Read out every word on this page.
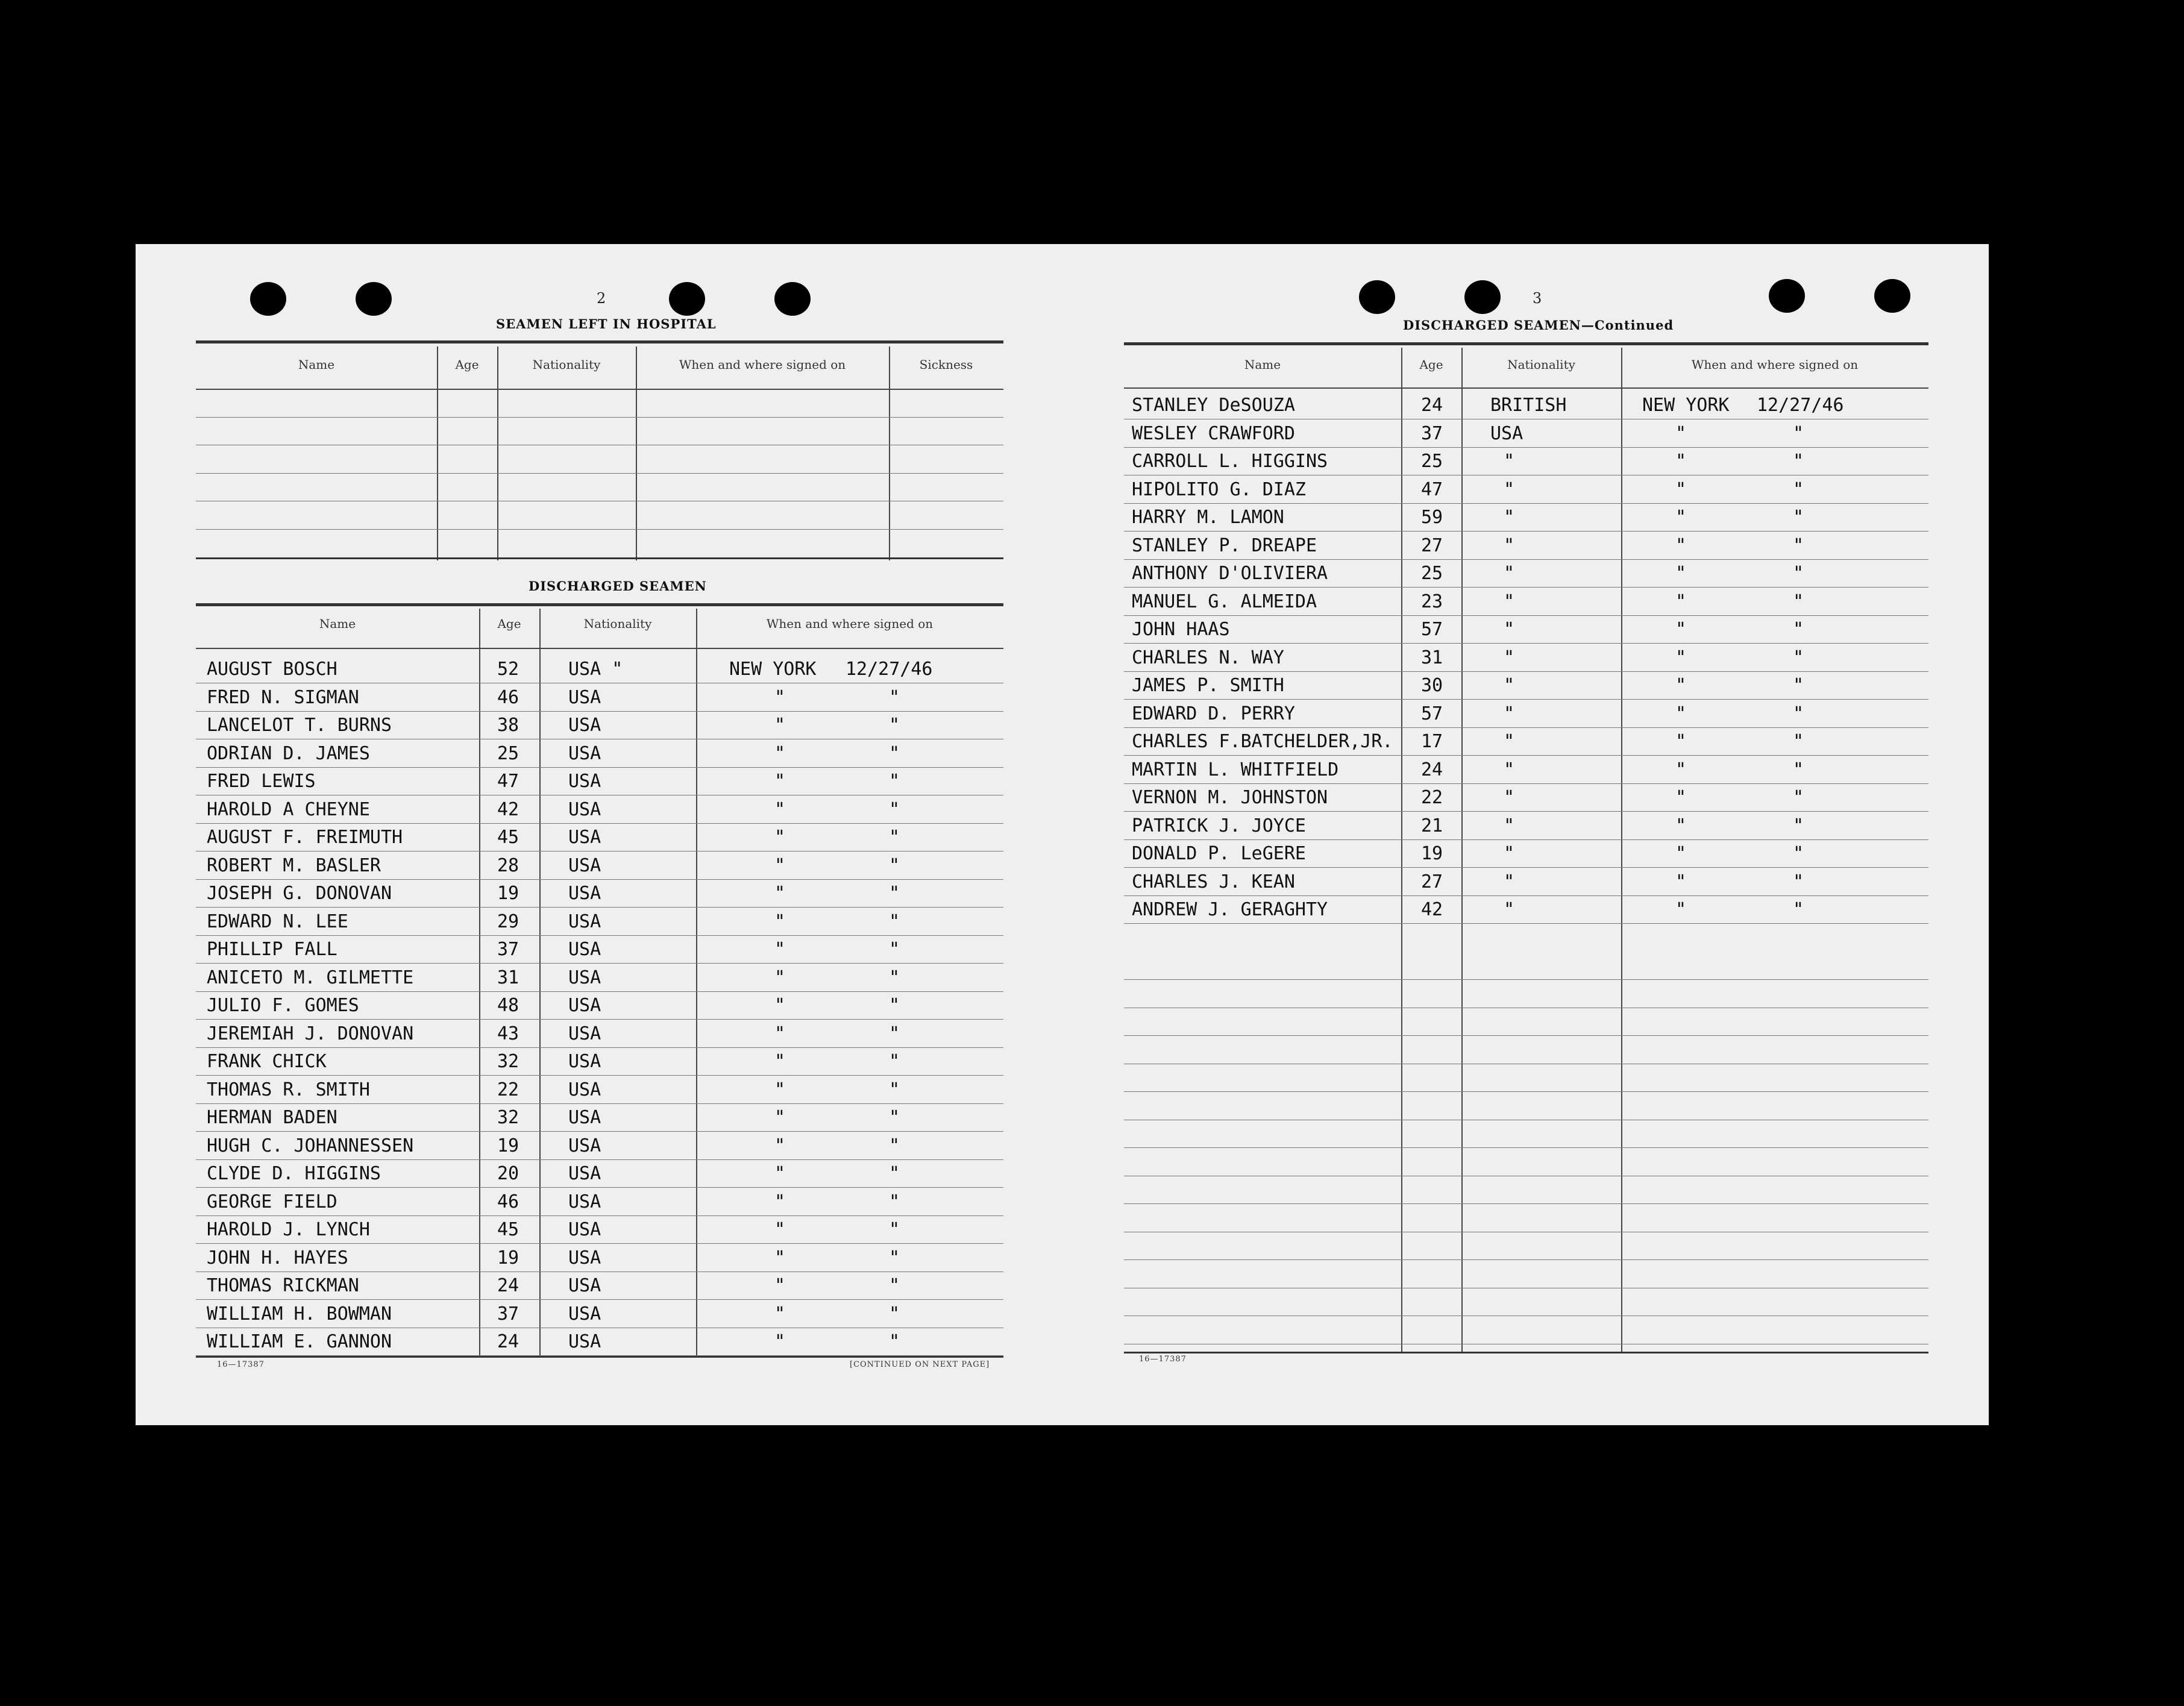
2
SEAMEN LEFT IN HOSPITAL
Name	Age	Nationality	When and where signed on	Sickness
DISCHARGED SEAMEN
Name	Age	Nationality	When and where signed on
AUGUST BOSCH	52	USA "	NEW YORK 12/27/46
FRED N. SIGMAN	46	USA	"	"
LANCELOT T. BURNS	38	USA	"	"
ODRIAN D. JAMES	25	USA	"	"
FRED LEWIS	47	USA	"	"
HAROLD A CHEYNE	42	USA	"	"
AUGUST F. FREIMUTH	45	USA	"	"
ROBERT M. BASLER	28	USA	"	"
JOSEPH G. DONOVAN	19	USA	"	"
EDWARD N. LEE	29	USA	"	"
PHILLIP FALL	37	USA	"	"
ANICETO M. GILMETTE	31	USA	"	"
JULIO F. GOMES	48	USA	"	"
JEREMIAH J. DONOVAN	43	USA	"	"
FRANK CHICK	32	USA	"	"
THOMAS R. SMITH	22	USA	"	"
HERMAN BADEN	32	USA	"	"
HUGH C. JOHANNESSEN	19	USA	"	"
CLYDE D. HIGGINS	20	USA	"	"
GEORGE FIELD	46	USA	"	"
HAROLD J. LYNCH	45	USA	"	"
JOHN H. HAYES	19	USA	"	"
THOMAS RICKMAN	24	USA	"	"
WILLIAM H. BOWMAN	37	USA	"	"
WILLIAM E. GANNON	24	USA	"	"
16—17387	[CONTINUED ON NEXT PAGE]
3
DISCHARGED SEAMEN—Continued
Name	Age	Nationality	When and where signed on
STANLEY DeSOUZA	24	BRITISH	NEW YORK 12/27/46
WESLEY CRAWFORD	37	USA	"	"
CARROLL L. HIGGINS	25	"	"	"
HIPOLITO G. DIAZ	47	"	"	"
HARRY M. LAMON	59	"	"	"
STANLEY P. DREAPE	27	"	"	"
ANTHONY D'OLIVIERA	25	"	"	"
MANUEL G. ALMEIDA	23	"	"	"
JOHN HAAS	57	"	"	"
CHARLES N. WAY	31	"	"	"
JAMES P. SMITH	30	"	"	"
EDWARD D. PERRY	57	"	"	"
CHARLES F.BATCHELDER,JR. 17	"	"	"
MARTIN L. WHITFIELD	24	"	"	"
VERNON M. JOHNSTON	22	"	"	"
PATRICK J. JOYCE	21	"	"	"
DONALD P. LeGERE	19	"	"	"
CHARLES J. KEAN	27	"	"	"
ANDREW J. GERAGHTY	42	"	"	"
16—17387
